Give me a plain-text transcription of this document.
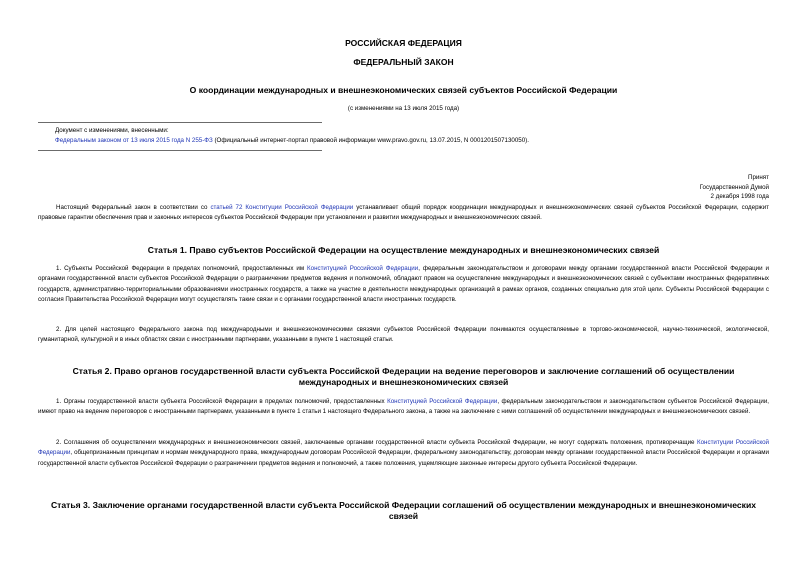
РОССИЙСКАЯ ФЕДЕРАЦИЯ
ФЕДЕРАЛЬНЫЙ ЗАКОН
О координации международных и внешнеэкономических связей субъектов Российской Федерации
(с изменениями на 13 июля 2015 года)
Документ с изменениями, внесенными:
Федеральным законом от 13 июля 2015 года N 255-ФЗ (Официальный интернет-портал правовой информации www.pravo.gov.ru, 13.07.2015, N 0001201507130050).
Принят
Государственной Думой
2 декабря 1998 года
Настоящий Федеральный закон в соответствии со статьей 72 Конституции Российской Федерации устанавливает общий порядок координации международных и внешнеэкономических связей субъектов Российской Федерации, содержит правовые гарантии обеспечения прав и законных интересов субъектов Российской Федерации при установлении и развитии международных и внешнеэкономических связей.
Статья 1. Право субъектов Российской Федерации на осуществление международных и внешнеэкономических связей
1. Субъекты Российской Федерации в пределах полномочий, предоставленных им Конституцией Российской Федерации, федеральным законодательством и договорами между органами государственной власти Российской Федерации и органами государственной власти субъектов Российской Федерации о разграничении предметов ведения и полномочий, обладают правом на осуществление международных и внешнеэкономических связей с субъектами иностранных федеративных государств, административно-территориальными образованиями иностранных государств, а также на участие в деятельности международных организаций в рамках органов, созданных специально для этой цели. Субъекты Российской Федерации с согласия Правительства Российской Федерации могут осуществлять такие связи и с органами государственной власти иностранных государств.
2. Для целей настоящего Федерального закона под международными и внешнеэкономическими связями субъектов Российской Федерации понимаются осуществляемые в торгово-экономической, научно-технической, экологической, гуманитарной, культурной и в иных областях связи с иностранными партнерами, указанными в пункте 1 настоящей статьи.
Статья 2. Право органов государственной власти субъекта Российской Федерации на ведение переговоров и заключение соглашений об осуществлении международных и внешнеэкономических связей
1. Органы государственной власти субъекта Российской Федерации в пределах полномочий, предоставленных Конституцией Российской Федерации, федеральным законодательством и законодательством субъектов Российской Федерации, имеют право на ведение переговоров с иностранными партнерами, указанными в пункте 1 статьи 1 настоящего Федерального закона, а также на заключение с ними соглашений об осуществлении международных и внешнеэкономических связей.
2. Соглашения об осуществлении международных и внешнеэкономических связей, заключаемые органами государственной власти субъекта Российской Федерации, не могут содержать положения, противоречащие Конституции Российской Федерации, общепризнанным принципам и нормам международного права, международным договорам Российской Федерации, федеральному законодательству, договорам между органами государственной власти Российской Федерации и органами государственной власти субъектов Российской Федерации о разграничении предметов ведения и полномочий, а также положения, ущемляющие законные интересы другого субъекта Российской Федерации.
Статья 3. Заключение органами государственной власти субъекта Российской Федерации соглашений об осуществлении международных и внешнеэкономических связей
